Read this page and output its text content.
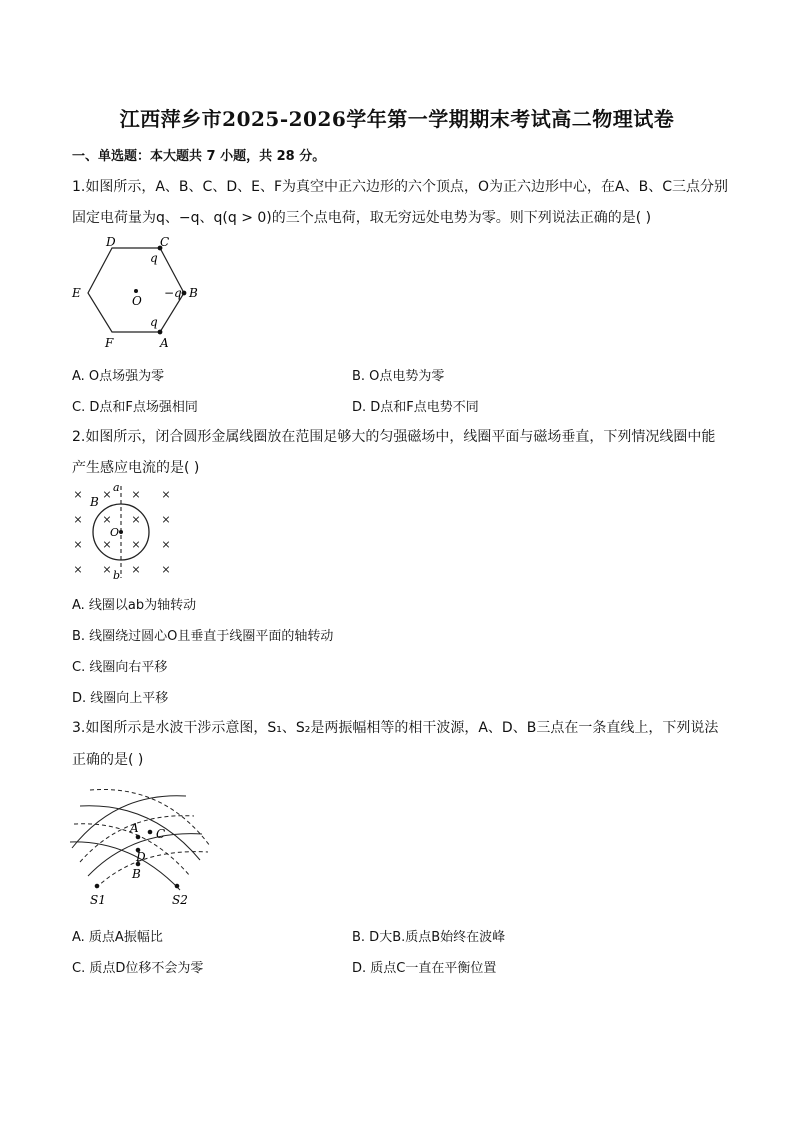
江西萍乡市2025-2026学年第一学期期末考试高二物理试卷
一、单选题：本大题共 7 小题，共 28 分。
1.如图所示，A、B、C、D、E、F为真空中正六边形的六个顶点，O为正六边形中心，在A、B、C三点分别
固定电荷量为q、−q、q(q > 0)的三个点电荷，取无穷远处电势为零。则下列说法正确的是( )
D	C
E	B
F	A
O
q
−q
q
A. O点场强为零	B. O点电势为零
C. D点和F点场强相同	D. D点和F点电势不同
2.如图所示，闭合圆形金属线圈放在范围足够大的匀强磁场中，线圈平面与磁场垂直，下列情况线圈中能
产生感应电流的是( )
× × × ×
× × × ×
× × × ×
× × × ×
B
a
b
O
A. 线圈以ab为轴转动
B. 线圈绕过圆心O且垂直于线圈平面的轴转动
C. 线圈向右平移
D. 线圈向上平移
3.如图所示是水波干涉示意图，S₁、S₂是两振幅相等的相干波源，A、D、B三点在一条直线上，下列说法
正确的是( )
A C
D
B
S1	S2
A. 质点A振幅比	B. D大B.质点B始终在波峰
C. 质点D位移不会为零	D. 质点C一直在平衡位置
